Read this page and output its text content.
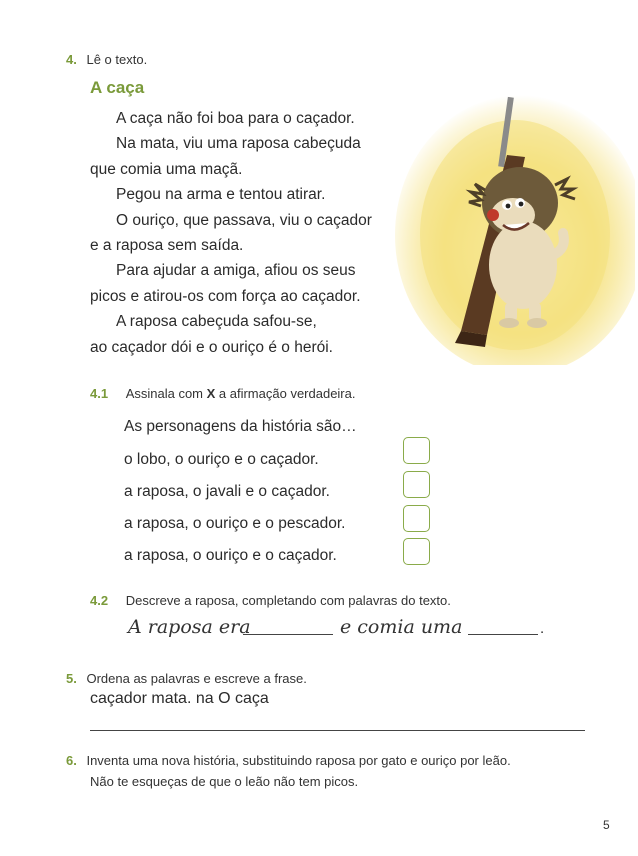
4. Lê o texto.
A caça
A caça não foi boa para o caçador.
Na mata, viu uma raposa cabeçuda
que comia uma maçã.
Pegou na arma e tentou atirar.
O ouriço, que passava, viu o caçador
e a raposa sem saída.
Para ajudar a amiga, afiou os seus
picos e atirou-os com força ao caçador.
A raposa cabeçuda safou-se,
ao caçador dói e o ouriço é o herói.
4.1 Assinala com X a afirmação verdadeira.
As personagens da história são…
o lobo, o ouriço e o caçador.
a raposa, o javali e o caçador.
a raposa, o ouriço e o pescador.
a raposa, o ouriço e o caçador.
4.2 Descreve a raposa, completando com palavras do texto.
A raposa era	e comia uma	.
5. Ordena as palavras e escreve a frase.
caçador mata. na O caça
6. Inventa uma nova história, substituindo raposa por gato e ouriço por leão.
Não te esqueças de que o leão não tem picos.
5
